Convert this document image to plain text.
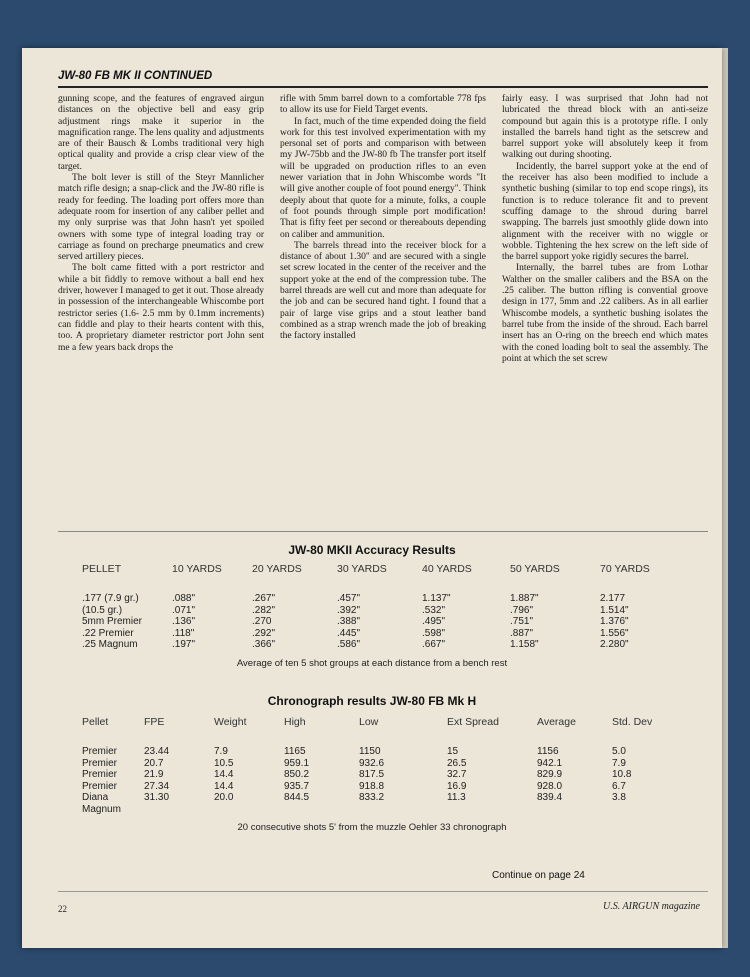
JW-80 FB MK II CONTINUED

gunning scope, and the features of engraved airgun distances on the objective bell and easy grip adjustment rings make it superior in the magnification range. The lens quality and adjustments are of their Bausch & Lombs traditional very high optical quality and provide a crisp clear view of the target.

The bolt lever is still of the Steyr Mannlicher match rifle design; a snap-click and the JW-80 rifle is ready for feeding. The loading port offers more than adequate room for insertion of any caliber pellet and my only surprise was that John hasn't yet spoiled owners with some type of integral loading tray or carriage as found on precharge pneumatics and crew served artillery pieces.

The bolt came fitted with a port restrictor and while a bit fiddly to remove without a ball end hex driver, however I managed to get it out. Those already in possession of the interchangeable Whiscombe port restrictor series (1.6- 2.5 mm by 0.1mm increments) can fiddle and play to their hearts content with this, too. A proprietary diameter restrictor port John sent me a few years back drops the

rifle with 5mm barrel down to a comfortable 778 fps to allow its use for Field Target events.

In fact, much of the time expended doing the field work for this test involved experimentation with my personal set of ports and comparison with between my JW-75bb and the JW-80 fb The transfer port itself will be upgraded on production rifles to an even newer variation that in John Whiscombe words "It will give another couple of foot pound energy". Think deeply about that quote for a minute, folks, a couple of foot pounds through simple port modification! That is fifty feet per second or thereabouts depending on caliber and ammunition.

The barrels thread into the receiver block for a distance of about 1.30" and are secured with a single set screw located in the center of the receiver and the support yoke at the end of the compression tube. The barrel threads are well cut and more than adequate for the job and can be secured hand tight. I found that a pair of large vise grips and a stout leather band combined as a strap wrench made the job of breaking the factory installed

fairly easy. I was surprised that John had not lubricated the thread block with an anti-seize compound but again this is a prototype rifle. I only installed the barrels hand tight as the setscrew and barrel support yoke will absolutely keep it from walking out during shooting.

Incidently, the barrel support yoke at the end of the receiver has also been modified to include a synthetic bushing (similar to top end scope rings), its function is to reduce tolerance fit and to prevent scuffing damage to the shroud during barrel swapping. The barrels just smoothly glide down into alignment with the receiver with no wiggle or wobble. Tightening the hex screw on the left side of the barrel support yoke rigidly secures the barrel.

Internally, the barrel tubes are from Lothar Walther on the smaller calibers and the BSA on the .25 caliber. The button rifling is convential groove design in 177, 5mm and .22 calibers. As in all earlier Whiscombe models, a synthetic bushing isolates the barrel tube from the inside of the shroud. Each barrel insert has an O-ring on the breech end which mates with the coned loading bolt to seal the assembly. The point at which the set screw

JW-80 MKII Accuracy Results
PELLET	10 YARDS	20 YARDS	30 YARDS	40 YARDS	50 YARDS	70 YARDS
.177 (7.9 gr.)	.088"	.267"	.457"	1.137"	1.887"	2.177
(10.5 gr.)	.071"	.282"	.392"	.532"	.796"	1.514"
5mm Premier	.136"	.270	.388"	.495"	.751"	1.376"
.22 Premier	.118"	.292"	.445"	.598"	.887"	1.556"
.25 Magnum	.197"	.366"	.586"	.667"	1.158"	2.280"
Average of ten 5 shot groups at each distance from a bench rest
Chronograph results JW-80 FB Mk H
Pellet	FPE	Weight	High	Low	Ext Spread	Average	Std. Dev
Premier	23.44	7.9	1165	1150	15	1156	5.0
Premier	20.7	10.5	959.1	932.6	26.5	942.1	7.9
Premier	21.9	14.4	850.2	817.5	32.7	829.9	10.8
Premier	27.34	14.4	935.7	918.8	16.9	928.0	6.7
Diana
Magnum	31.30	20.0	844.5	833.2	11.3	839.4	3.8
20 consecutive shots 5' from the muzzle Oehler 33 chronograph
Continue on page 24
22	U.S. AIRGUN magazine
